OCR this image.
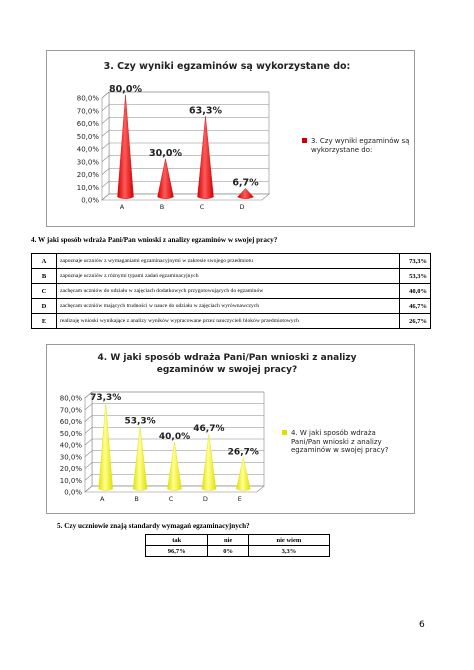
3. Czy wyniki egzaminów są wykorzystane do:
0,0%
10,0%
20,0%
30,0%
40,0%
50,0%
60,0%
70,0%
80,0%
80,0%
A
30,0%
B
63,3%
C
6,7%
D
3. Czy wyniki egzaminów są wykorzystane do:
4. W jaki sposób wdraża Pani/Pan wnioski z analizy egzaminów w swojej pracy?
A	zapoznaje uczniów z wymaganiami egzaminacyjnymi w zakresie swojego przedmiotu	73,3%
B	zapoznaje uczniów z różnymi typami zadań egzaminacyjnych	53,3%
C	zachęcam uczniów do udziału w zajęciach dodatkowych przygotowujących do egzaminów	40,0%
D	zachęcam uczniów mających trudności w nauce do udziału w zajęciach wyrównawczych	46,7%
E	realizuję wnioski wynikające z analizy wyników wypracowane przez nauczycieli bloków przedmiotowych	26,7%
4. W jaki sposób wdraża Pani/Pan wnioski z analizy egzaminów w swojej pracy?
0,0%
10,0%
20,0%
30,0%
40,0%
50,0%
60,0%
70,0%
80,0% 73,3%
A
53,3%
B
40,0%
C
46,7%
D
26,7%
E
4. W jaki sposób wdraża Pani/Pan wnioski z analizy egzaminów w swojej pracy?
5. Czy uczniowie znają standardy wymagań egzaminacyjnych?
tak	nie	nie wiem
96,7%	0%	3,3%
6
